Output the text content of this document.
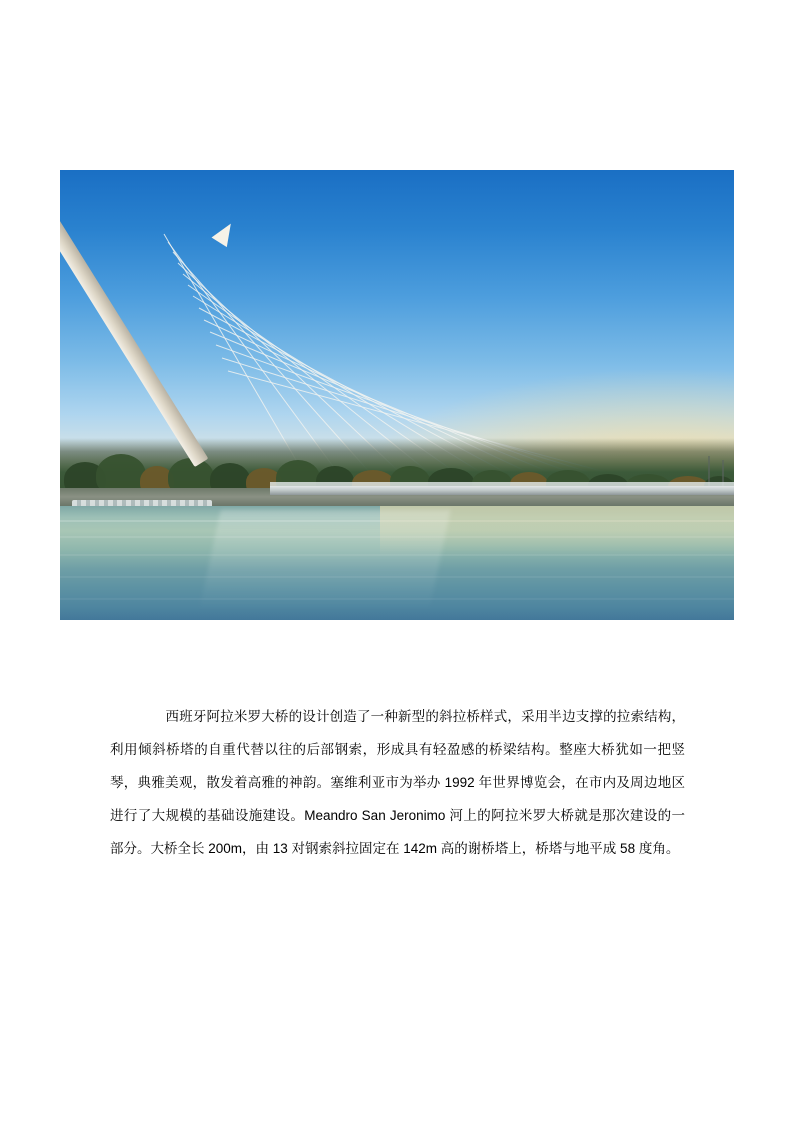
　　西班牙阿拉米罗大桥的设计创造了一种新型的斜拉桥样式，采用半边支撑的拉索结构，利用倾斜桥塔的自重代替以往的后部钢索，形成具有轻盈感的桥梁结构。整座大桥犹如一把竖琴，典雅美观，散发着高雅的神韵。塞维利亚市为举办 1992 年世界博览会，在市内及周边地区进行了大规模的基础设施建设。Meandro San Jeronimo 河上的阿拉米罗大桥就是那次建设的一部分。大桥全长 200m，由 13 对钢索斜拉固定在 142m 高的谢桥塔上，桥塔与地平成 58 度角。
